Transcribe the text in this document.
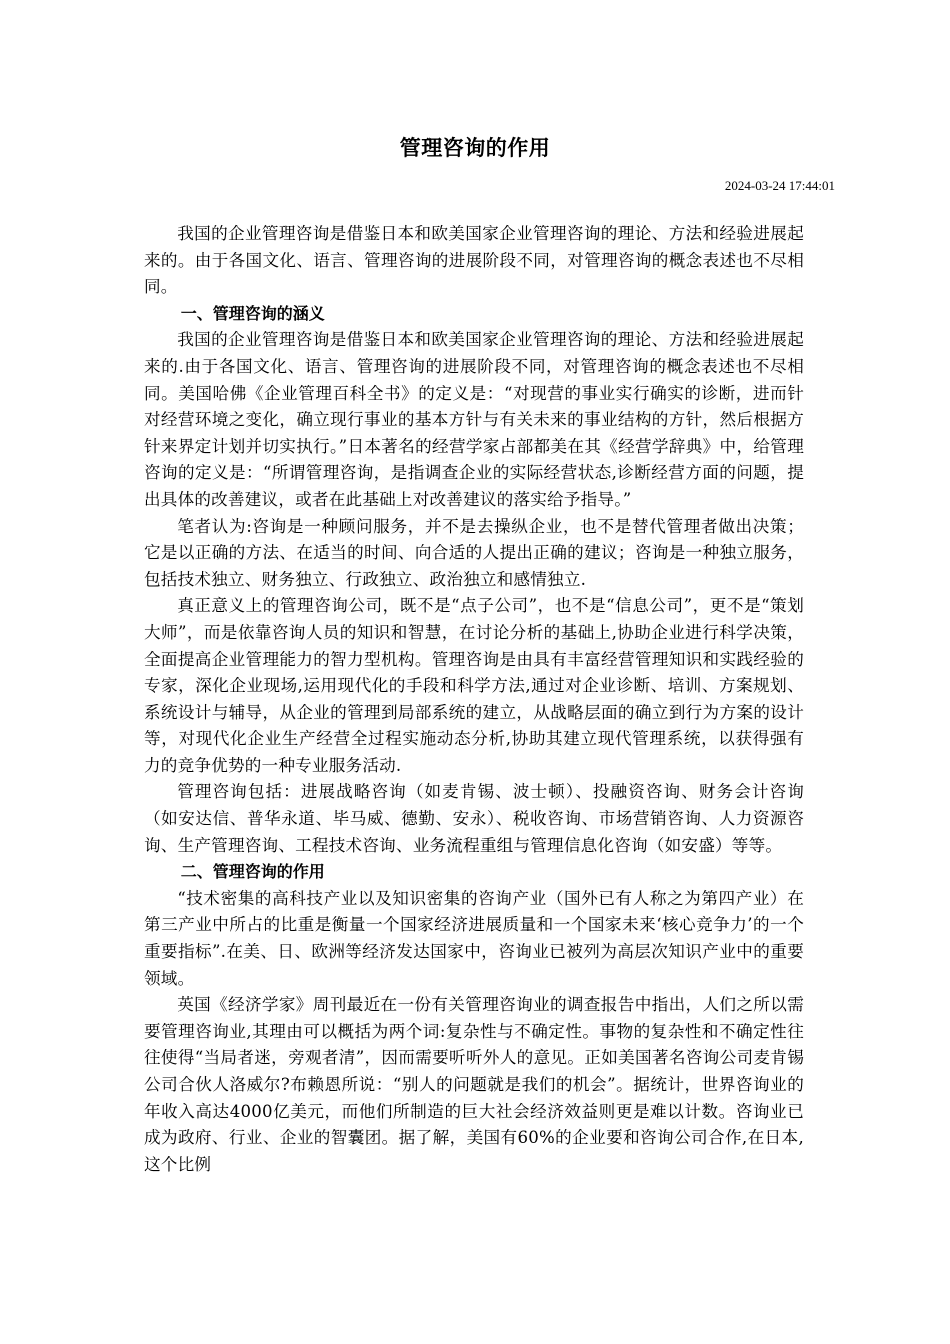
管理咨询的作用
2024-03-24 17:44:01

我国的企业管理咨询是借鉴日本和欧美国家企业管理咨询的理论、方法和经验进展起来的。由于各国文化、语言、管理咨询的进展阶段不同，对管理咨询的概念表述也不尽相同。

一、管理咨询的涵义

我国的企业管理咨询是借鉴日本和欧美国家企业管理咨询的理论、方法和经验进展起来的.由于各国文化、语言、管理咨询的进展阶段不同，对管理咨询的概念表述也不尽相同。美国哈佛《企业管理百科全书》的定义是：“对现营的事业实行确实的诊断，进而针对经营环境之变化，确立现行事业的基本方针与有关未来的事业结构的方针，然后根据方针来界定计划并切实执行。”日本著名的经营学家占部都美在其《经营学辞典》中，给管理咨询的定义是：“所谓管理咨询，是指调查企业的实际经营状态,诊断经营方面的问题，提出具体的改善建议，或者在此基础上对改善建议的落实给予指导。”

笔者认为:咨询是一种顾问服务，并不是去操纵企业，也不是替代管理者做出决策；它是以正确的方法、在适当的时间、向合适的人提出正确的建议；咨询是一种独立服务，包括技术独立、财务独立、行政独立、政治独立和感情独立.

真正意义上的管理咨询公司，既不是“点子公司”，也不是“信息公司”，更不是“策划大师”，而是依靠咨询人员的知识和智慧，在讨论分析的基础上,协助企业进行科学决策，全面提高企业管理能力的智力型机构。管理咨询是由具有丰富经营管理知识和实践经验的专家，深化企业现场,运用现代化的手段和科学方法,通过对企业诊断、培训、方案规划、系统设计与辅导，从企业的管理到局部系统的建立，从战略层面的确立到行为方案的设计等，对现代化企业生产经营全过程实施动态分析,协助其建立现代管理系统，以获得强有力的竞争优势的一种专业服务活动.

管理咨询包括：进展战略咨询（如麦肯锡、波士顿）、投融资咨询、财务会计咨询（如安达信、普华永道、毕马威、德勤、安永）、税收咨询、市场营销咨询、人力资源咨询、生产管理咨询、工程技术咨询、业务流程重组与管理信息化咨询（如安盛）等等。

二、管理咨询的作用

“技术密集的高科技产业以及知识密集的咨询产业（国外已有人称之为第四产业）在第三产业中所占的比重是衡量一个国家经济进展质量和一个国家未来‘核心竞争力’的一个重要指标”.在美、日、欧洲等经济发达国家中，咨询业已被列为高层次知识产业中的重要领域。

英国《经济学家》周刊最近在一份有关管理咨询业的调查报告中指出，人们之所以需要管理咨询业,其理由可以概括为两个词:复杂性与不确定性。事物的复杂性和不确定性往往使得“当局者迷，旁观者清”，因而需要听听外人的意见。正如美国著名咨询公司麦肯锡公司合伙人洛威尔?布赖恩所说：“别人的问题就是我们的机会”。据统计，世界咨询业的年收入高达4000亿美元，而他们所制造的巨大社会经济效益则更是难以计数。咨询业已成为政府、行业、企业的智囊团。据了解，美国有60%的企业要和咨询公司合作,在日本,这个比例
